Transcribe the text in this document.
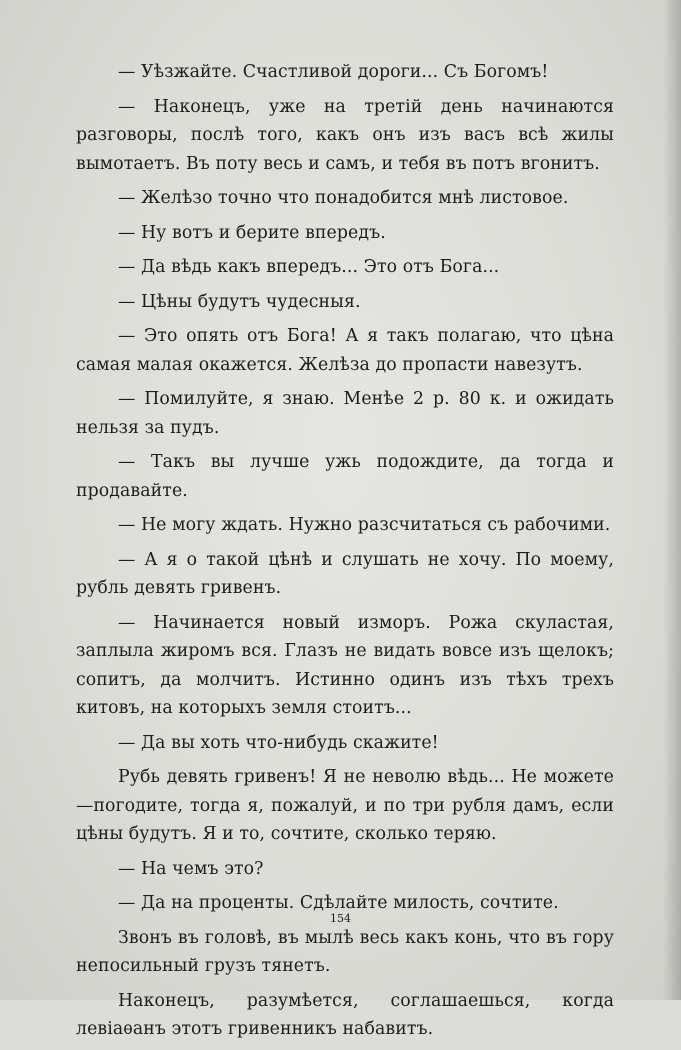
— Уѣзжайте. Счастливой дороги... Съ Богомъ!

— Наконецъ, уже на третій день начинаются разговоры, послѣ того, какъ онъ изъ васъ всѣ жилы вымотаетъ. Въ поту весь и самъ, и тебя въ потъ вгонитъ.

— Желѣзо точно что понадобится мнѣ листовое.

— Ну вотъ и берите впередъ.

— Да вѣдь какъ впередъ... Это отъ Бога...

— Цѣны будутъ чудесныя.

— Это опять отъ Бога! А я такъ полагаю, что цѣна самая малая окажется. Желѣза до пропасти навезутъ.

— Помилуйте, я знаю. Менѣе 2 р. 80 к. и ожидать нельзя за пудъ.

— Такъ вы лучше ужь подождите, да тогда и продавайте.

— Не могу ждать. Нужно разсчитаться съ рабочими.

— А я о такой цѣнѣ и слушать не хочу. По моему, рубль девять гривенъ.

— Начинается новый изморъ. Рожа скуластая, заплыла жиромъ вся. Глазъ не видать вовсе изъ щелокъ; сопитъ, да молчитъ. Истинно одинъ изъ тѣхъ трехъ китовъ, на которыхъ земля стоитъ...

— Да вы хоть что-нибудь скажите!

Рубь девять гривенъ! Я не неволю вѣдь... Не можете—погодите, тогда я, пожалуй, и по три рубля дамъ, если цѣны будутъ. Я и то, сочтите, сколько теряю.

— На чемъ это?

— Да на проценты. Сдѣлайте милость, сочтите.

Звонъ въ головѣ, въ мылѣ весь какъ конь, что въ гору непосильный грузъ тянетъ.

Наконецъ, разумѣется, соглашаешься, когда левіаѳанъ этотъ гривенникъ набавитъ.

154
